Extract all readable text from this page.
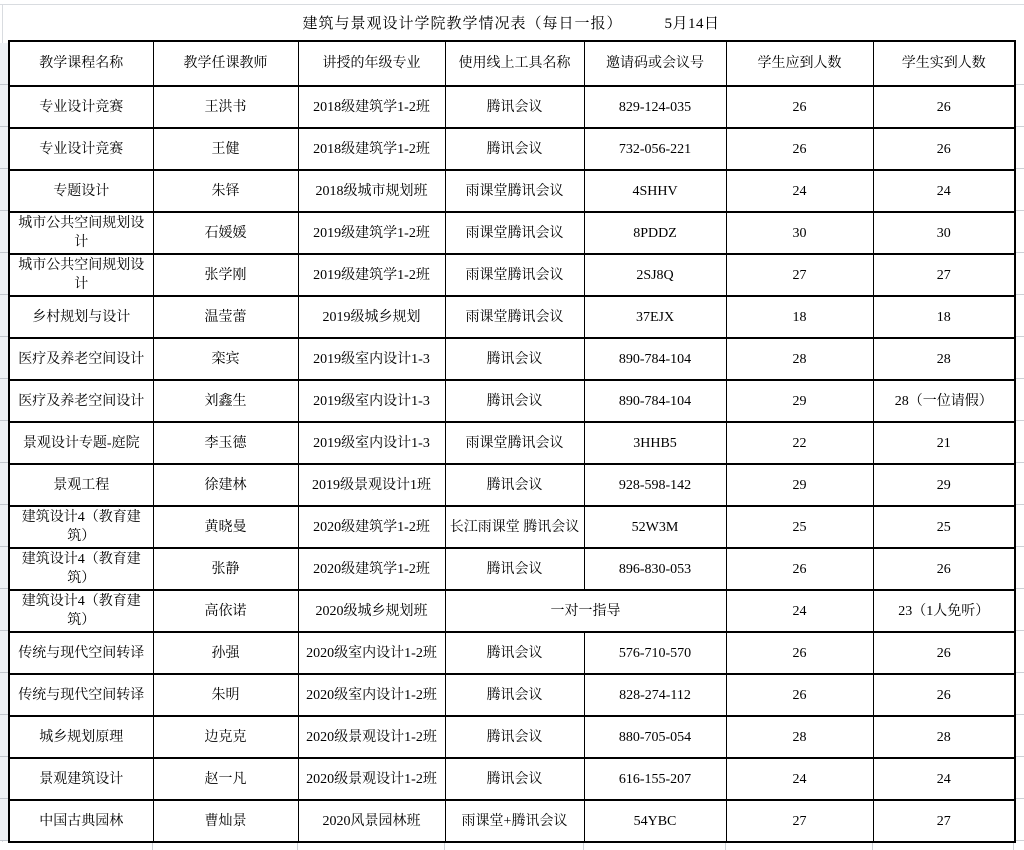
建筑与景观设计学院教学情况表（每日一报）	5月14日
教学课程名称	教学任课教师	讲授的年级专业	使用线上工具名称	邀请码或会议号	学生应到人数	学生实到人数
专业设计竞赛	王洪书	2018级建筑学1-2班	腾讯会议	829-124-035	26	26
专业设计竞赛	王健	2018级建筑学1-2班	腾讯会议	732-056-221	26	26
专题设计	朱铎	2018级城市规划班	雨课堂腾讯会议	4SHHV	24	24
城市公共空间规划设计	石媛媛	2019级建筑学1-2班	雨课堂腾讯会议	8PDDZ	30	30
城市公共空间规划设计	张学刚	2019级建筑学1-2班	雨课堂腾讯会议	2SJ8Q	27	27
乡村规划与设计	温莹蕾	2019级城乡规划	雨课堂腾讯会议	37EJX	18	18
医疗及养老空间设计	栾宾	2019级室内设计1-3	腾讯会议	890-784-104	28	28
医疗及养老空间设计	刘鑫生	2019级室内设计1-3	腾讯会议	890-784-104	29	28（一位请假）
景观设计专题-庭院	李玉德	2019级室内设计1-3	雨课堂腾讯会议	3HHB5	22	21
景观工程	徐建林	2019级景观设计1班	腾讯会议	928-598-142	29	29
建筑设计4（教育建筑）	黄晓曼	2020级建筑学1-2班	长江雨课堂 腾讯会议	52W3M	25	25
建筑设计4（教育建筑）	张静	2020级建筑学1-2班	腾讯会议	896-830-053	26	26
建筑设计4（教育建筑）	高依诺	2020级城乡规划班	一对一指导		24	23（1人免听）
传统与现代空间转译	孙强	2020级室内设计1-2班	腾讯会议	576-710-570	26	26
传统与现代空间转译	朱明	2020级室内设计1-2班	腾讯会议	828-274-112	26	26
城乡规划原理	边克克	2020级景观设计1-2班	腾讯会议	880-705-054	28	28
景观建筑设计	赵一凡	2020级景观设计1-2班	腾讯会议	616-155-207	24	24
中国古典园林	曹灿景	2020风景园林班	雨课堂+腾讯会议	54YBC	27	27
